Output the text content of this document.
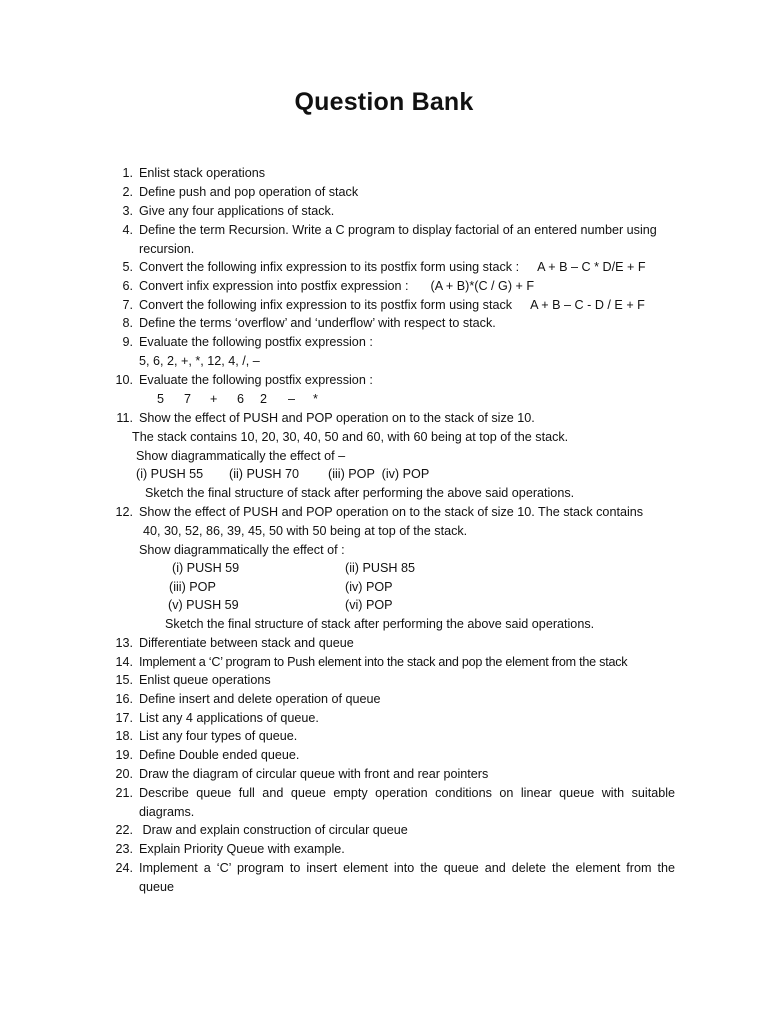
Question Bank
1. Enlist stack operations
2. Define push and pop operation of stack
3. Give any four applications of stack.
4. Define the term Recursion. Write a C program to display factorial of an entered number using recursion.
5. Convert the following infix expression to its postfix form using stack : A + B – C * D/E + F
6. Convert infix expression into postfix expression : (A + B)*(C / G) + F
7. Convert the following infix expression to its postfix form using stack A + B – C - D / E + F
8. Define the terms ‘overflow’ and ‘underflow’ with respect to stack.
9. Evaluate the following postfix expression :
5, 6, 2, +, *, 12, 4, /, –
10. Evaluate the following postfix expression :
5 7 + 6 2 – *
11. Show the effect of PUSH and POP operation on to the stack of size 10.
The stack contains 10, 20, 30, 40, 50 and 60, with 60 being at top of the stack.
Show diagrammatically the effect of –
(i) PUSH 55 (ii) PUSH 70 (iii) POP  (iv) POP
Sketch the final structure of stack after performing the above said operations.
12. Show the effect of PUSH and POP operation on to the stack of size 10. The stack contains
40, 30, 52, 86, 39, 45, 50 with 50 being at top of the stack.
Show diagrammatically the effect of :
(i) PUSH 59	(ii) PUSH 85
(iii) POP	(iv) POP
(v) PUSH 59	(vi) POP
Sketch the final structure of stack after performing the above said operations.
13. Differentiate between stack and queue
14. Implement a ‘C’ program to Push element into the stack and pop the element from the stack
15. Enlist queue operations
16. Define insert and delete operation of queue
17. List any 4 applications of queue.
18. List any four types of queue.
19. Define Double ended queue.
20. Draw the diagram of circular queue with front and rear pointers
21. Describe queue full and queue empty operation conditions on linear queue with suitable diagrams.
22. Draw and explain construction of circular queue
23. Explain Priority Queue with example.
24. Implement a ‘C’ program to insert element into the queue and delete the element from the queue
